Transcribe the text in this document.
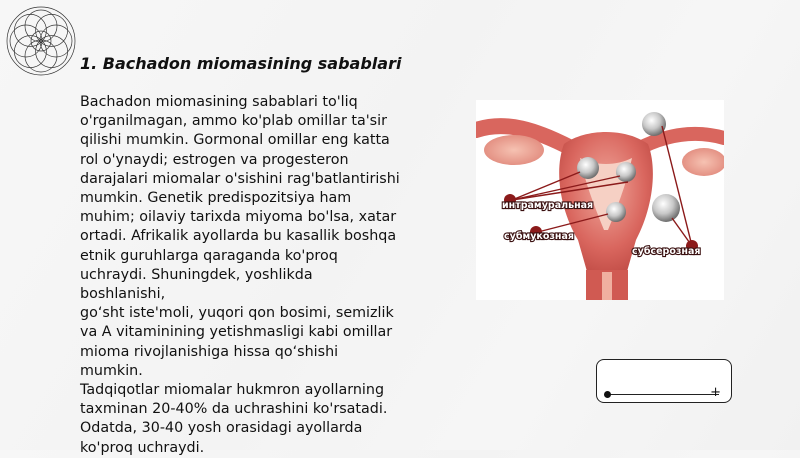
1. Bachadon miomasining sabablari
Bachadon miomasining sabablari to'liq
o'rganilmagan, ammo ko'plab omillar ta'sir
qilishi mumkin. Gormonal omillar eng katta
rol o'ynaydi; estrogen va progesteron
darajalari miomalar o'sishini rag'batlantirishi
mumkin. Genetik predispozitsiya ham
muhim; oilaviy tarixda miyoma bo'lsa, xatar
ortadi. Afrikalik ayollarda bu kasallik boshqa
etnik guruhlarga qaraganda ko'proq
uchraydi. Shuningdek, yoshlikda boshlanishi,
go‘sht iste'moli, yuqori qon bosimi, semizlik
va A vitaminining yetishmasligi kabi omillar
mioma rivojlanishiga hissa qo‘shishi mumkin.
Tadqiqotlar miomalar hukmron ayollarning
taxminan 20-40% da uchrashini ko'rsatadi.
Odatda, 30-40 yosh orasidagi ayollarda
ko'proq uchraydi.
интрамуральная
субмукозная
субсерозная
+
